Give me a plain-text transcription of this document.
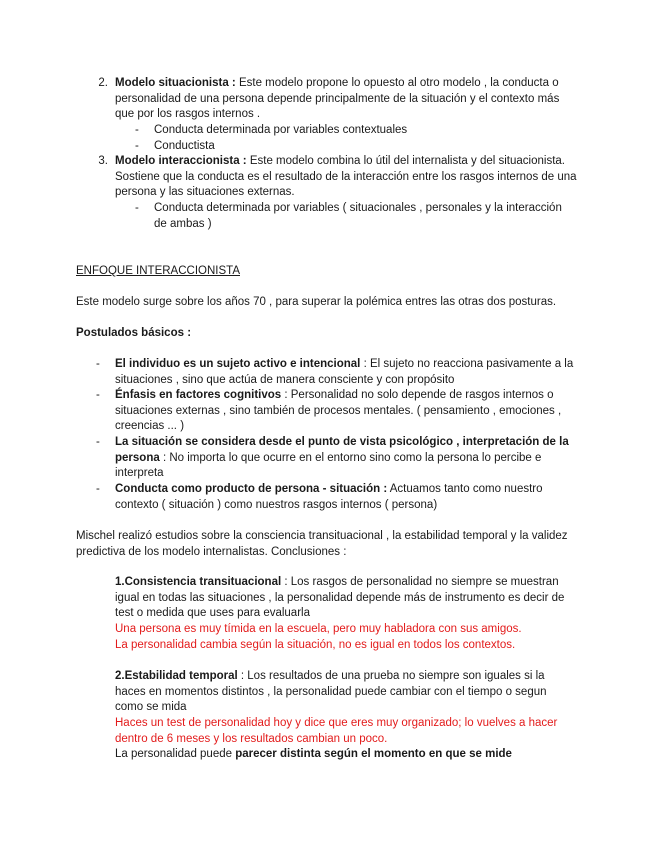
2. Modelo situacionista : Este modelo propone lo opuesto al otro modelo , la conducta o personalidad de una persona depende principalmente de la situación y el contexto más que por los rasgos internos .
- Conducta determinada por variables contextuales
- Conductista
3. Modelo interaccionista : Este modelo combina lo útil del internalista y del situacionista. Sostiene que la conducta es el resultado de la interacción entre los rasgos internos de una persona y las situaciones externas.
- Conducta determinada por variables ( situacionales , personales y la interacción de ambas )
ENFOQUE INTERACCIONISTA
Este modelo surge sobre los años 70 , para superar la polémica entres las otras dos posturas.
Postulados básicos :
- El individuo es un sujeto activo e intencional : El sujeto no reacciona pasivamente a la situaciones , sino que actúa de manera consciente y con propósito
- Énfasis en factores cognitivos : Personalidad no solo depende de rasgos internos o situaciones externas , sino también de procesos mentales. ( pensamiento , emociones , creencias ... )
- La situación se considera desde el punto de vista psicológico , interpretación de la persona : No importa lo que ocurre en el entorno sino como la persona lo percibe e interpreta
- Conducta como producto de persona - situación : Actuamos tanto como nuestro contexto ( situación ) como nuestros rasgos internos ( persona)
Mischel realizó estudios sobre la consciencia transituacional , la estabilidad temporal y la validez predictiva de los modelo internalistas. Conclusiones :
1.Consistencia transituacional : Los rasgos de personalidad no siempre se muestran igual en todas las situaciones , la personalidad depende más de instrumento es decir de test o medida que uses para evaluarla
Una persona es muy tímida en la escuela, pero muy habladora con sus amigos.
La personalidad cambia según la situación, no es igual en todos los contextos.
2.Estabilidad temporal : Los resultados de una prueba no siempre son iguales si la haces en momentos distintos , la personalidad puede cambiar con el tiempo o segun como se mida
Haces un test de personalidad hoy y dice que eres muy organizado; lo vuelves a hacer dentro de 6 meses y los resultados cambian un poco.
La personalidad puede parecer distinta según el momento en que se mide
